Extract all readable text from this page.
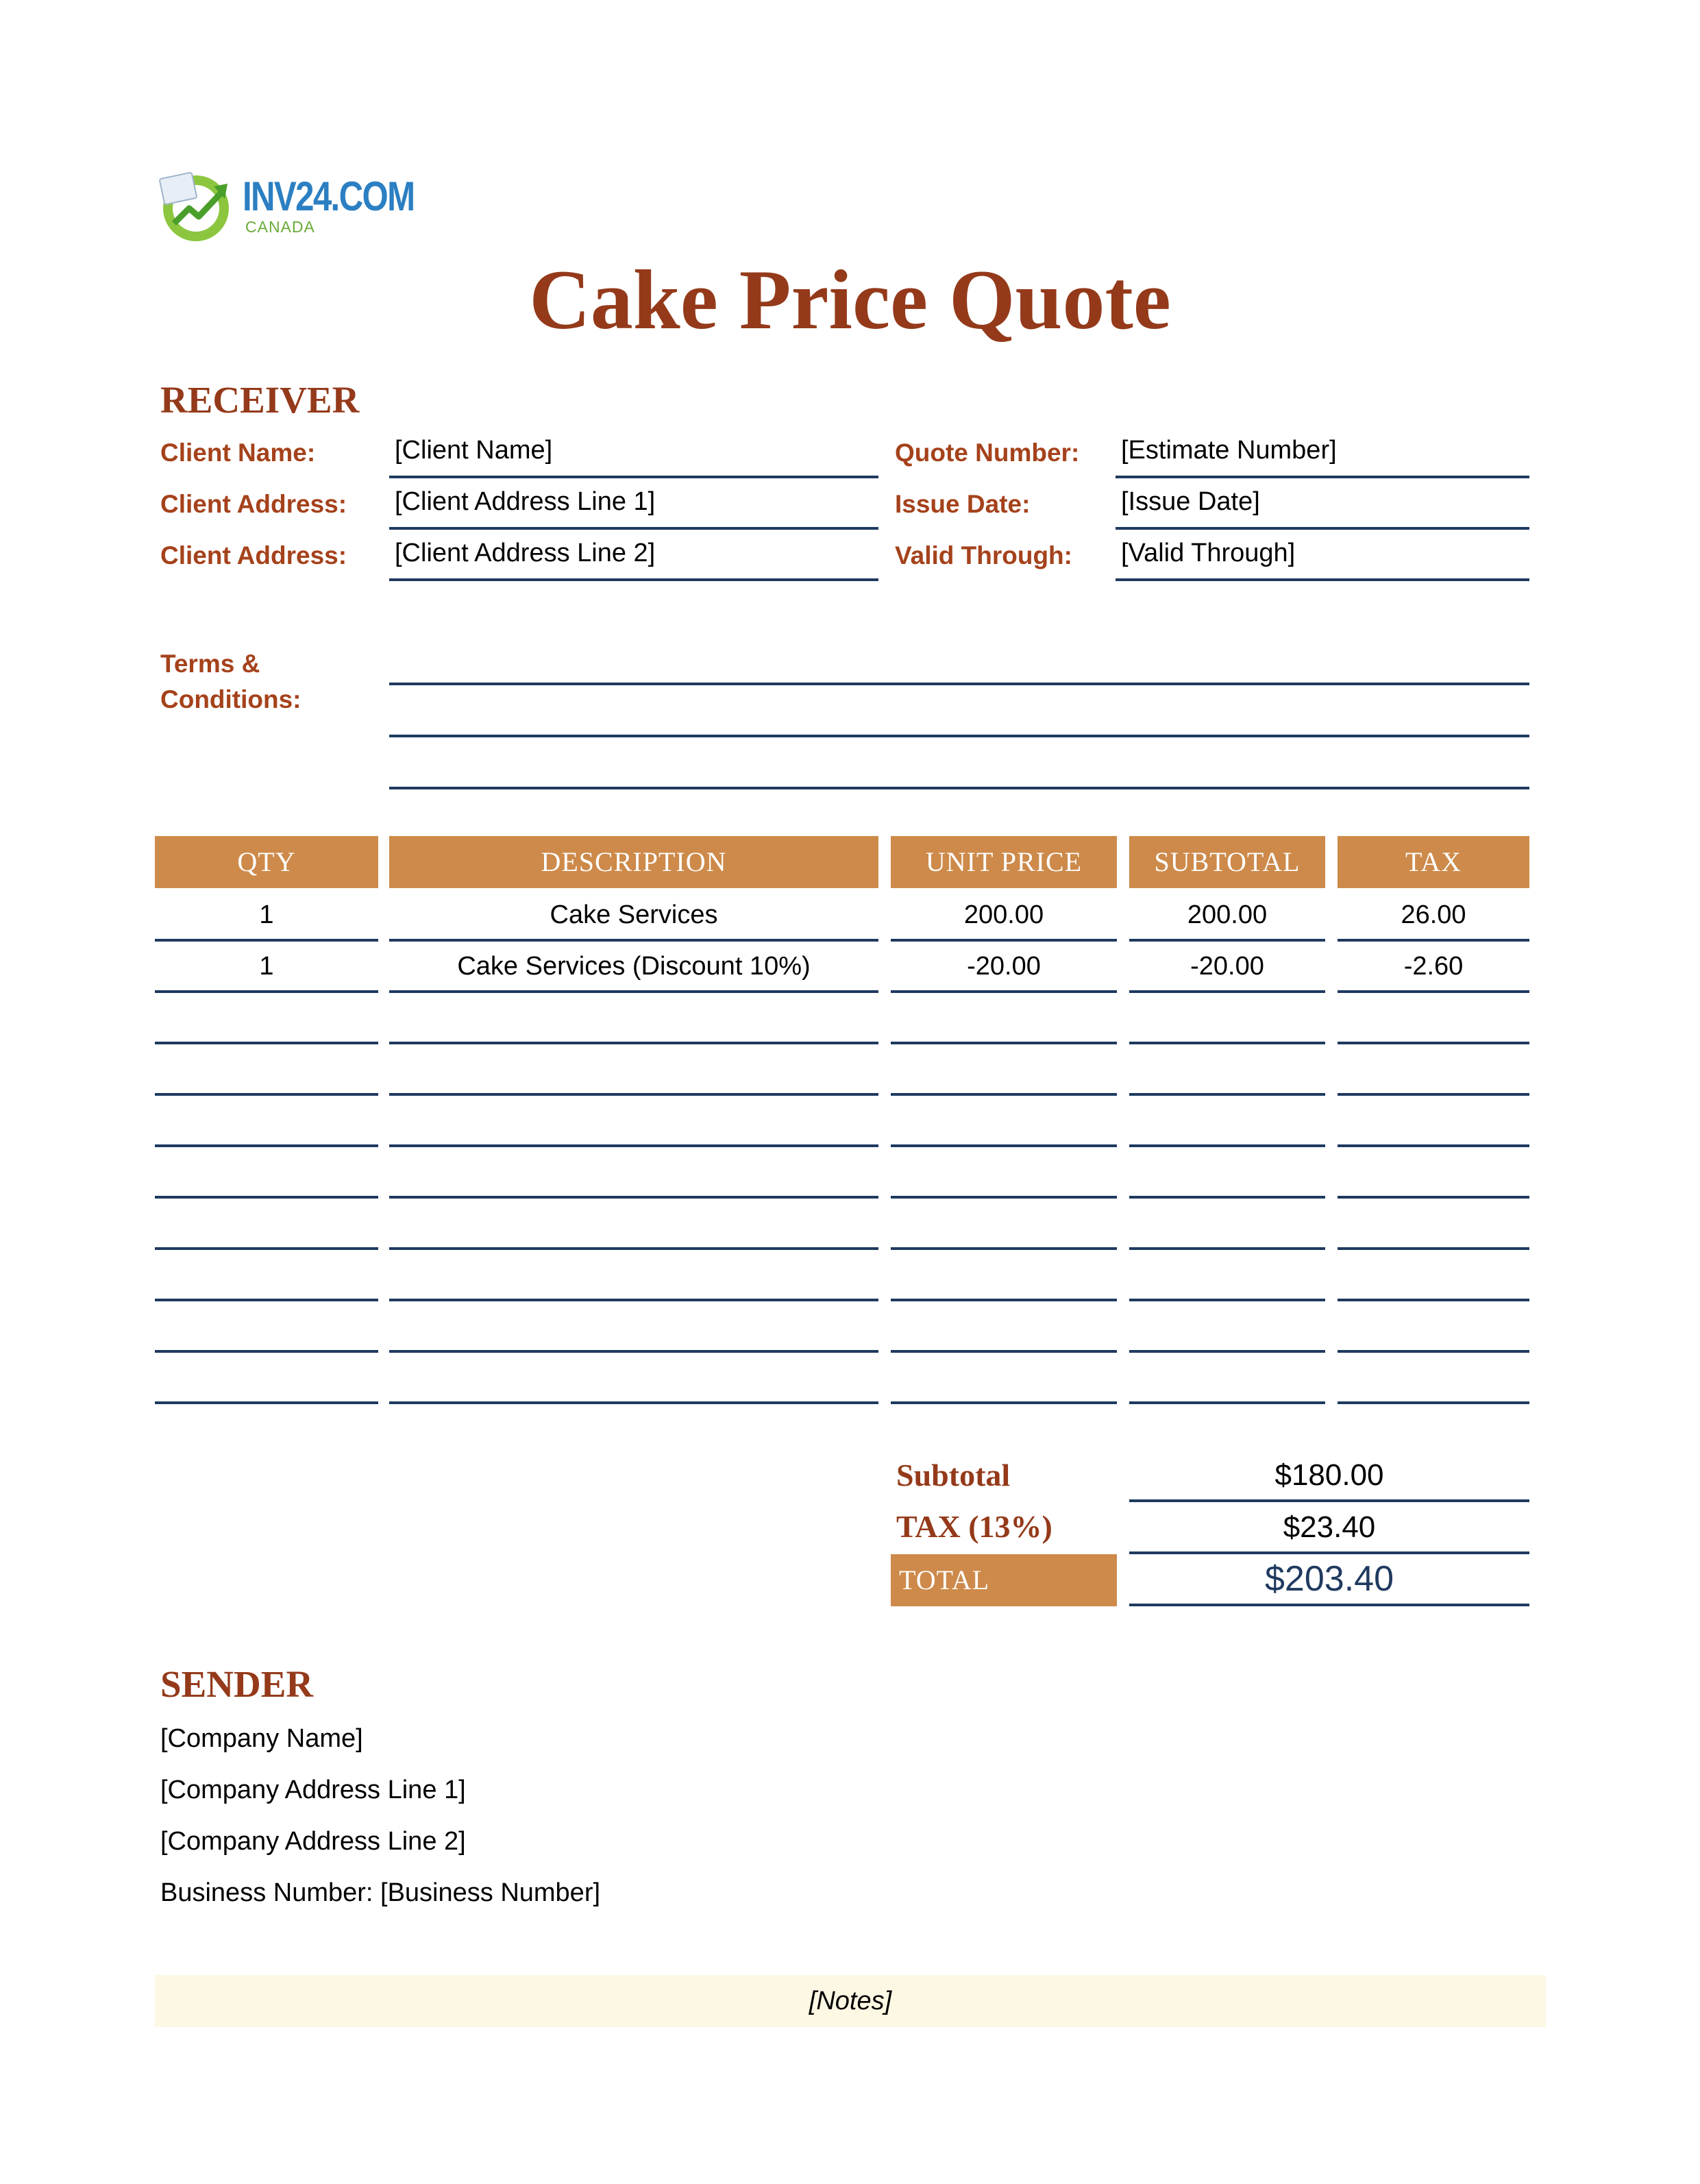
INV24.COM
CANADA
Cake Price Quote
RECEIVER
Client Name:	[Client Name]
Client Address: [Client Address Line 1]
Client Address: [Client Address Line 2]
Quote Number: [Estimate Number]
Issue Date:	[Issue Date]
Valid Through: [Valid Through]
Terms &
Conditions:
QTY	DESCRIPTION	UNIT PRICE	SUBTOTAL	TAX
1	Cake Services	200.00	200.00	26.00
1	Cake Services (Discount 10%)	-20.00	-20.00	-2.60
Subtotal	$180.00
TAX (13%)	$23.40
TOTAL	$203.40
SENDER
[Company Name]
[Company Address Line 1]
[Company Address Line 2]
Business Number: [Business Number]
[Notes]
